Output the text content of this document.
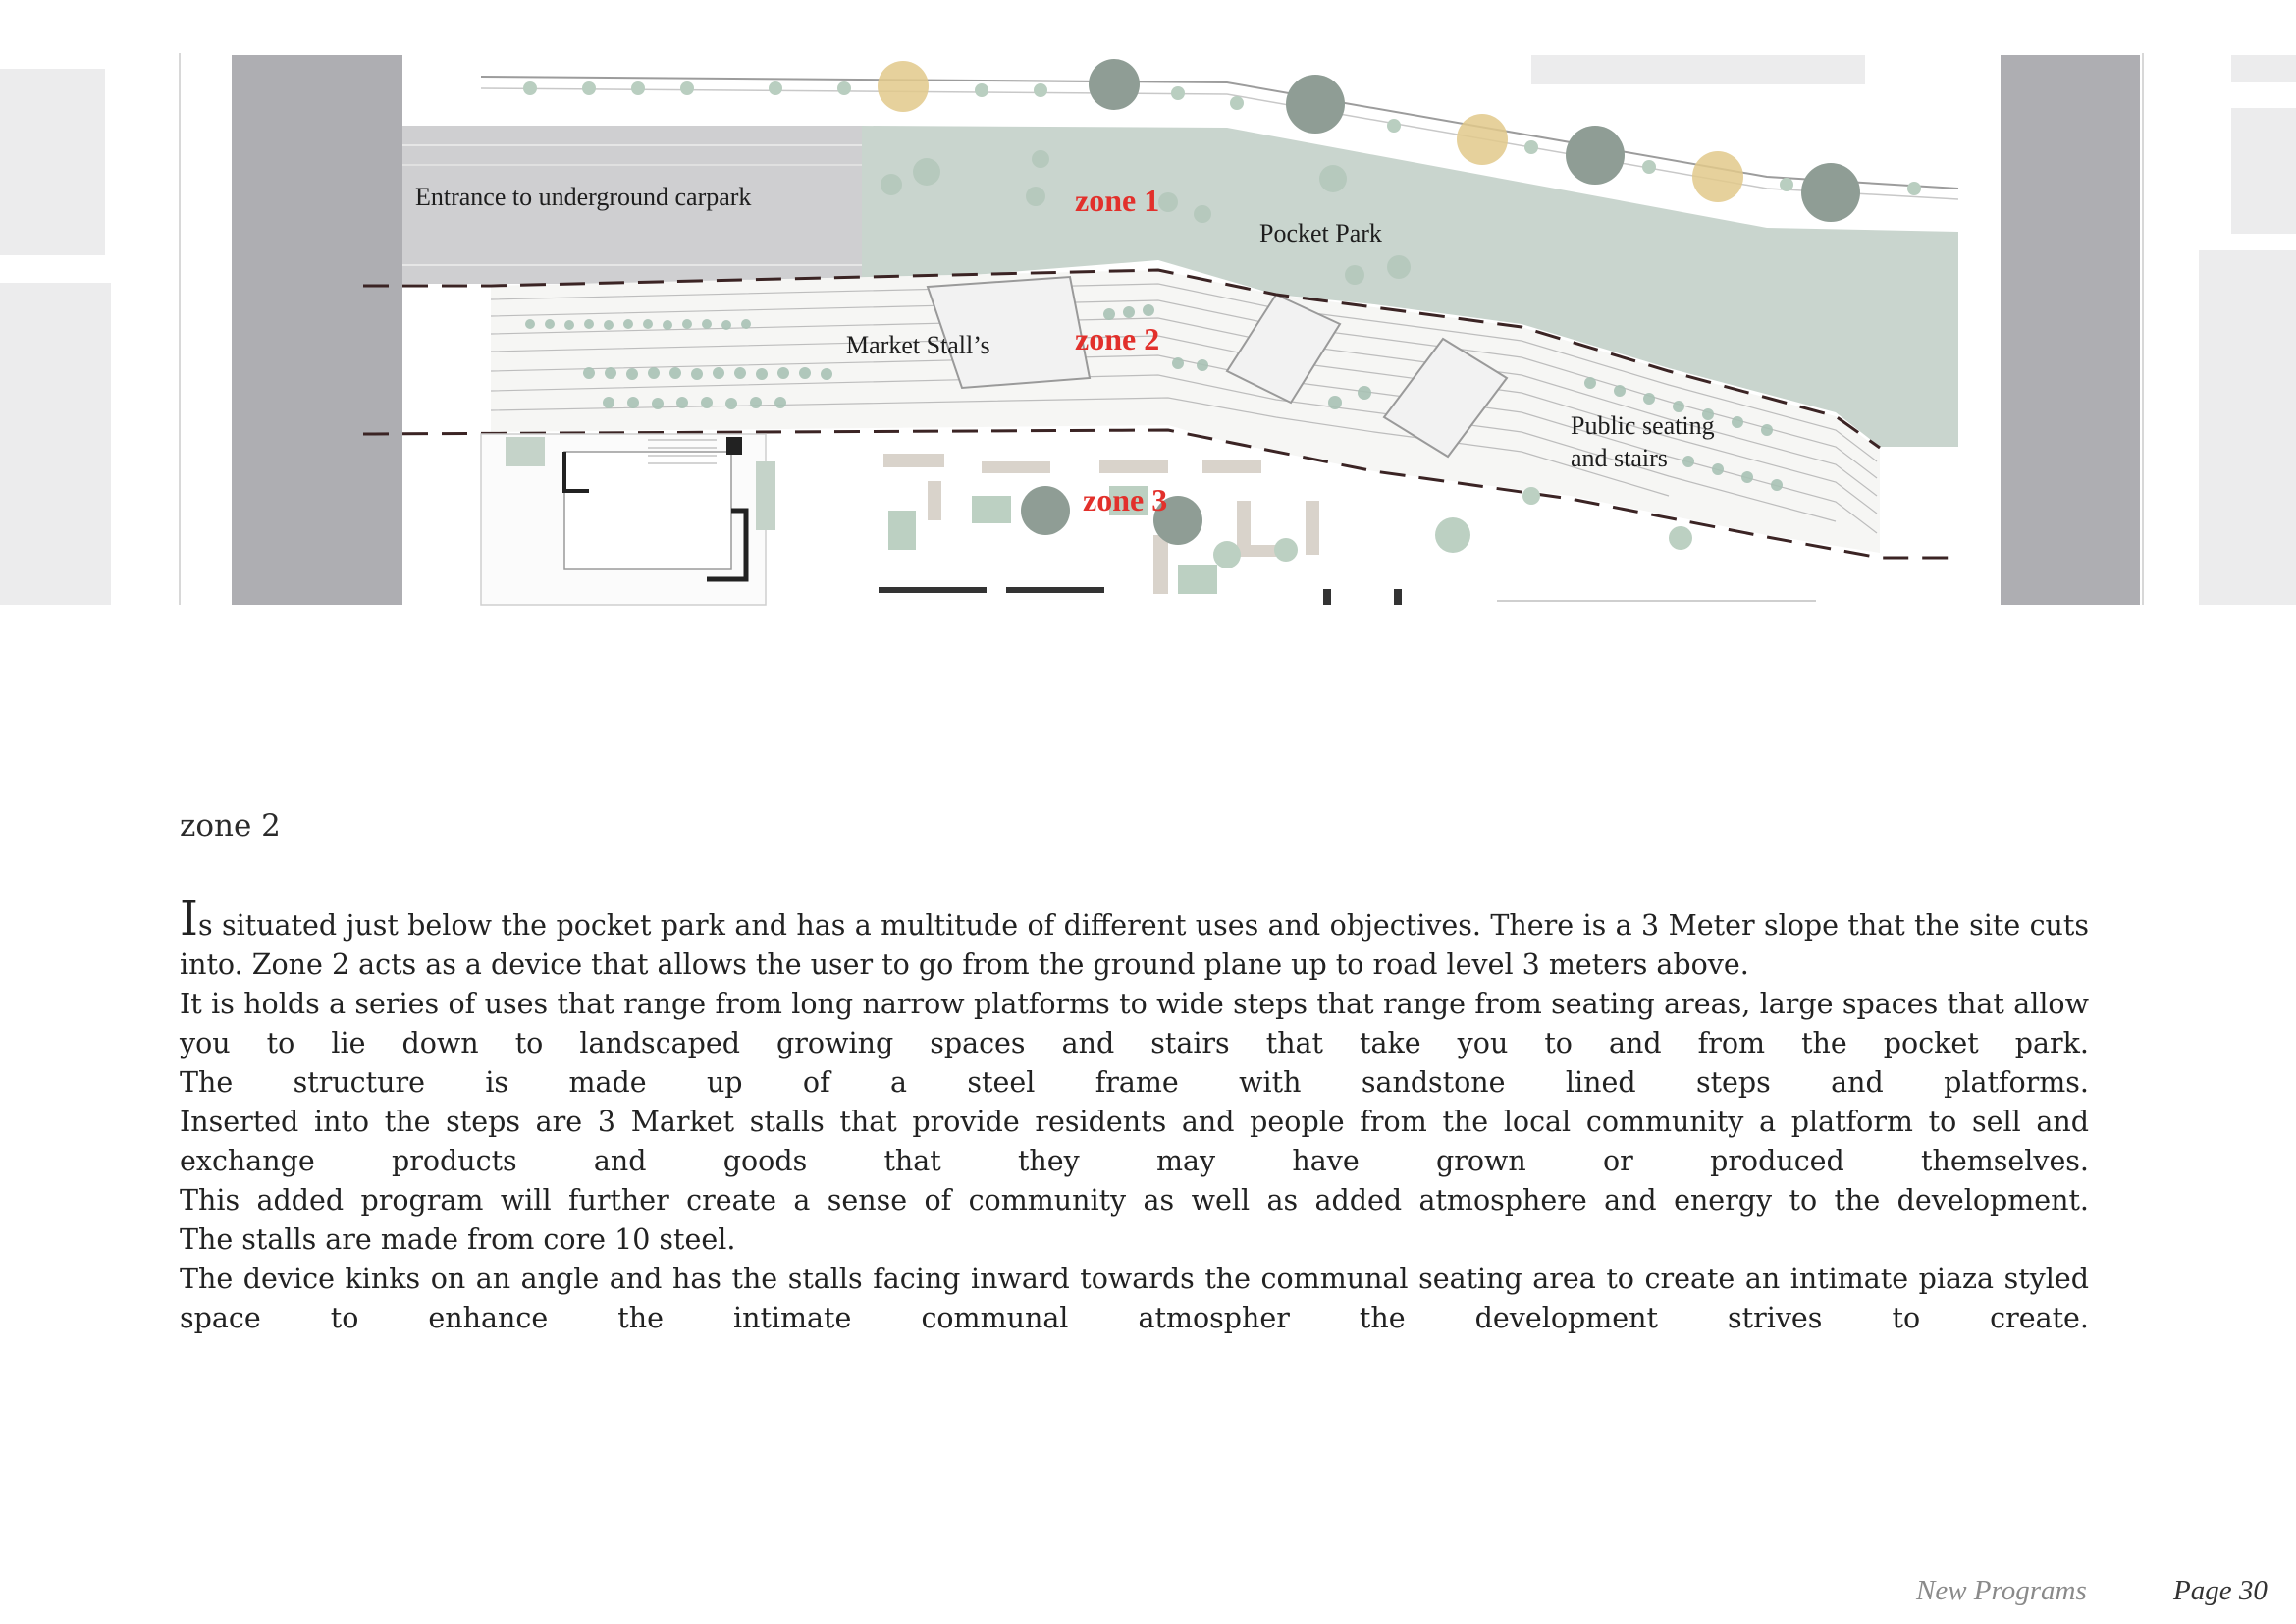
Entrance to underground carpark
Pocket Park
Market Stall’s
Public seating
and stairs
zone 1
zone 2
zone 3
zone 2

Is situated just below the pocket park and has a multitude of different uses and objectives. There is a 3 Meter slope that the site cuts into. Zone 2 acts as a device that allows the user to go from the ground plane up to road level 3 meters above.

It is holds a series of uses that range from long narrow platforms to wide steps that range from seating areas, large spaces that allow you to lie down to landscaped growing spaces and stairs that take you to and from the pocket park.

The structure is made up of a steel frame with sandstone lined steps and platforms.

Inserted into the steps are 3 Market stalls that provide residents and people from the local community a platform to sell and exchange products and goods that they may have grown or produced themselves.

This added program will further create a sense of community as well as added atmosphere and energy to the development.

The stalls are made from core 10 steel.

The device kinks on an angle and has the stalls facing inward towards the communal seating area to create an intimate piaza styled space to enhance the intimate communal atmospher the development strives to create.

New Programs	Page 30
